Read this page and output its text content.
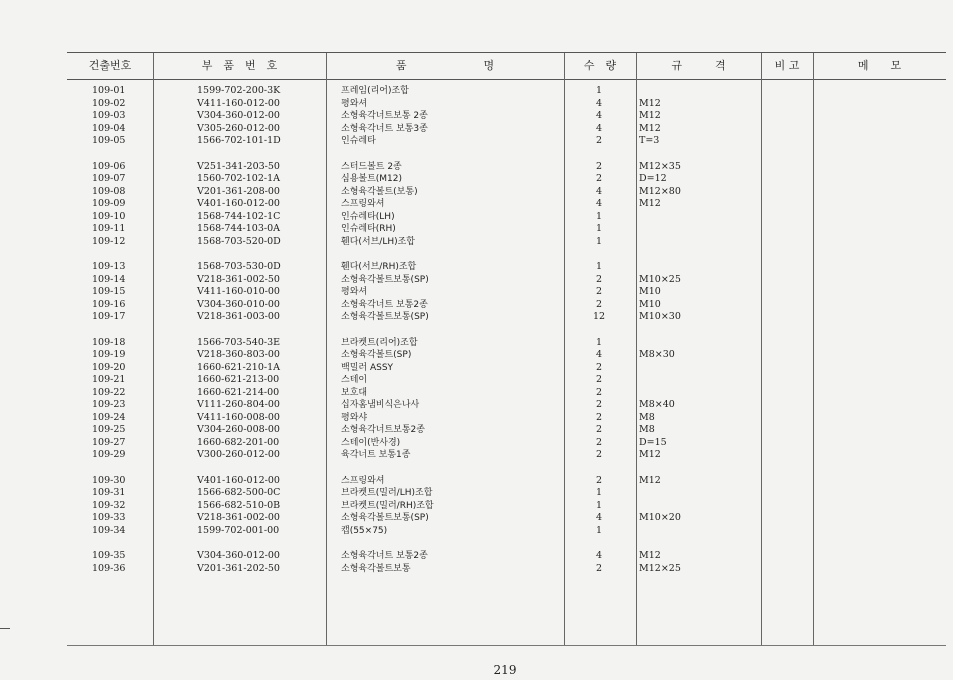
건출번호	부　품　번　호	품　　　　　　　명	수　량	규　　　격	비 고	메　　모
109-01	1599-702-200-3K	프레임(리어)조합	1
109-02	V411-160-012-00	평와셔	4	M12
109-03	V304-360-012-00	소형육각너트보통 2종	4	M12
109-04	V305-260-012-00	소형육각너트 보통3종	4	M12
109-05	1566-702-101-1D	인슈레타	2	T=3
109-06	V251-341-203-50	스터드볼트 2종	2	M12×35
109-07	1560-702-102-1A	심용볼트(M12)	2	D=12
109-08	V201-361-208-00	소형육각볼트(보통)	4	M12×80
109-09	V401-160-012-00	스프링와셔	4	M12
109-10	1568-744-102-1C	인슈레타(LH)	1
109-11	1568-744-103-0A	인슈레타(RH)	1
109-12	1568-703-520-0D	휀다(서브/LH)조합	1
109-13	1568-703-530-0D	휀다(서브/RH)조합	1
109-14	V218-361-002-50	소형육각볼트보통(SP)	2	M10×25
109-15	V411-160-010-00	평와셔	2	M10
109-16	V304-360-010-00	소형육각너트 보통2종	2	M10
109-17	V218-361-003-00	소형육각볼트보통(SP)	12	M10×30
109-18	1566-703-540-3E	브라켓트(리어)조합	1
109-19	V218-360-803-00	소형육각볼트(SP)	4	M8×30
109-20	1660-621-210-1A	백밀러 ASSY	2
109-21	1660-621-213-00	스테이	2
109-22	1660-621-214-00	보호대	2
109-23	V111-260-804-00	십자홈냄비식은나사	2	M8×40
109-24	V411-160-008-00	평와샤	2	M8
109-25	V304-260-008-00	소형육각너트보통2종	2	M8
109-27	1660-682-201-00	스테이(반사경)	2	D=15
109-29	V300-260-012-00	육각너트 보통1종	2	M12
109-30	V401-160-012-00	스프링와셔	2	M12
109-31	1566-682-500-0C	브라켓트(밀러/LH)조합	1
109-32	1566-682-510-0B	브라켓트(밀러/RH)조합	1
109-33	V218-361-002-00	소형육각볼트보통(SP)	4	M10×20
109-34	1599-702-001-00	캡(55×75)	1
109-35	V304-360-012-00	소형육각너트 보통2종	4	M12
109-36	V201-361-202-50	소형육각볼트보통	2	M12×25
219
